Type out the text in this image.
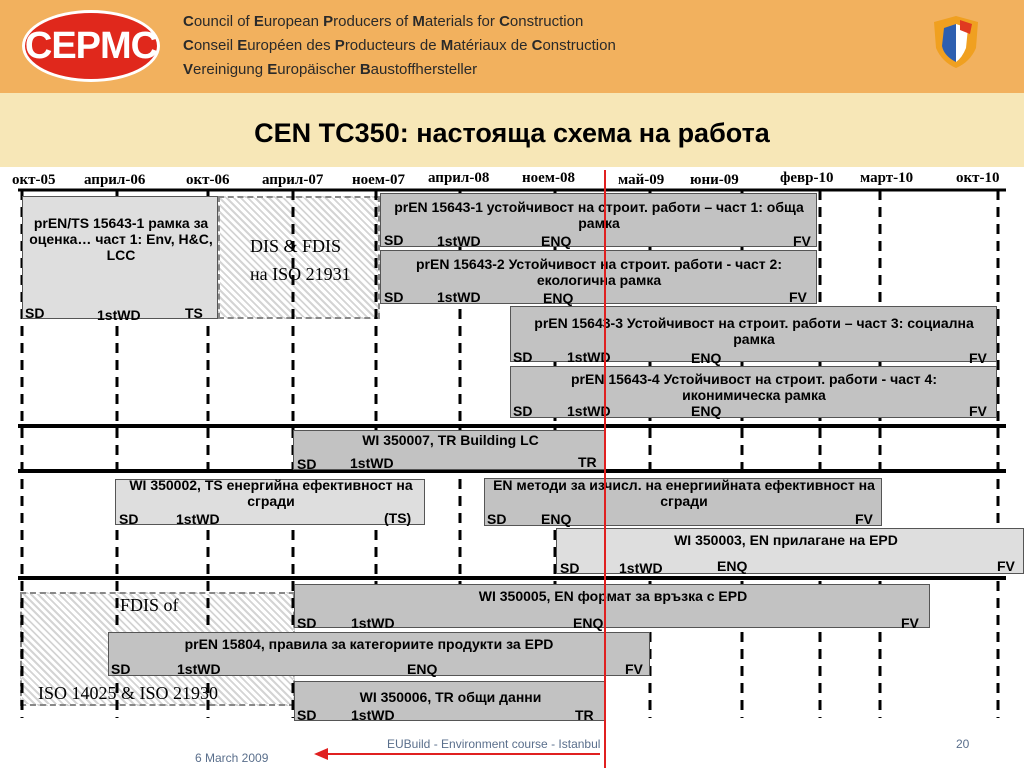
CEPMC
Council of European Producers of Materials for Construction
Conseil Européen des Producteurs de Matériaux de Construction
Vereinigung Europäischer Baustoffhersteller
CEN TC350: настояща схема на работа
окт-05 април-06	окт-06 април-07 ноем-07 април-08 ноем-08	май-09 юни-09	февр-10 март-10	окт-10
DIS & FDIS
на ISO 21931
FDIS of
ISO 14025 & ISO 21930
prEN/TS 15643-1 рамка за оценка… част 1: Env, H&C, LCC
SD	1stWD	TS
prEN 15643-1 устойчивост на строит. работи – част 1: обща рамка
SD 1stWD	ENQ	FV
prEN 15643-2 Устойчивост на строит. работи - част 2: екологична рамка
SD 1stWD	ENQ	FV
prEN 15643-3 Устойчивост на строит. работи – част 3: социална рамка
SD 1stWD	ENQ	FV
prEN 15643-4 Устойчивост на строит. работи - част 4: иконимическа рамка
SD 1stWD	ENQ	FV
WI 350007, TR Building LC
SD 1stWD	TR
WI 350002, TS енергийна ефективност на сгради
SD	1stWD	(TS)
EN методи за изчисл. на енергиийната ефективност на сгради
SD ENQ	FV
WI 350003, EN прилагане на EPD
SD	1stWD	ENQ	FV
WI 350005, EN формат за връзка с EPD
SD 1stWD	ENQ	FV
prEN 15804, правила за категориите продукти за EPD
SD	1stWD	ENQ	FV
WI 350006, TR общи данни
SD 1stWD	TR
6 March 2009
EUBuild - Environment course - Istanbul	20
